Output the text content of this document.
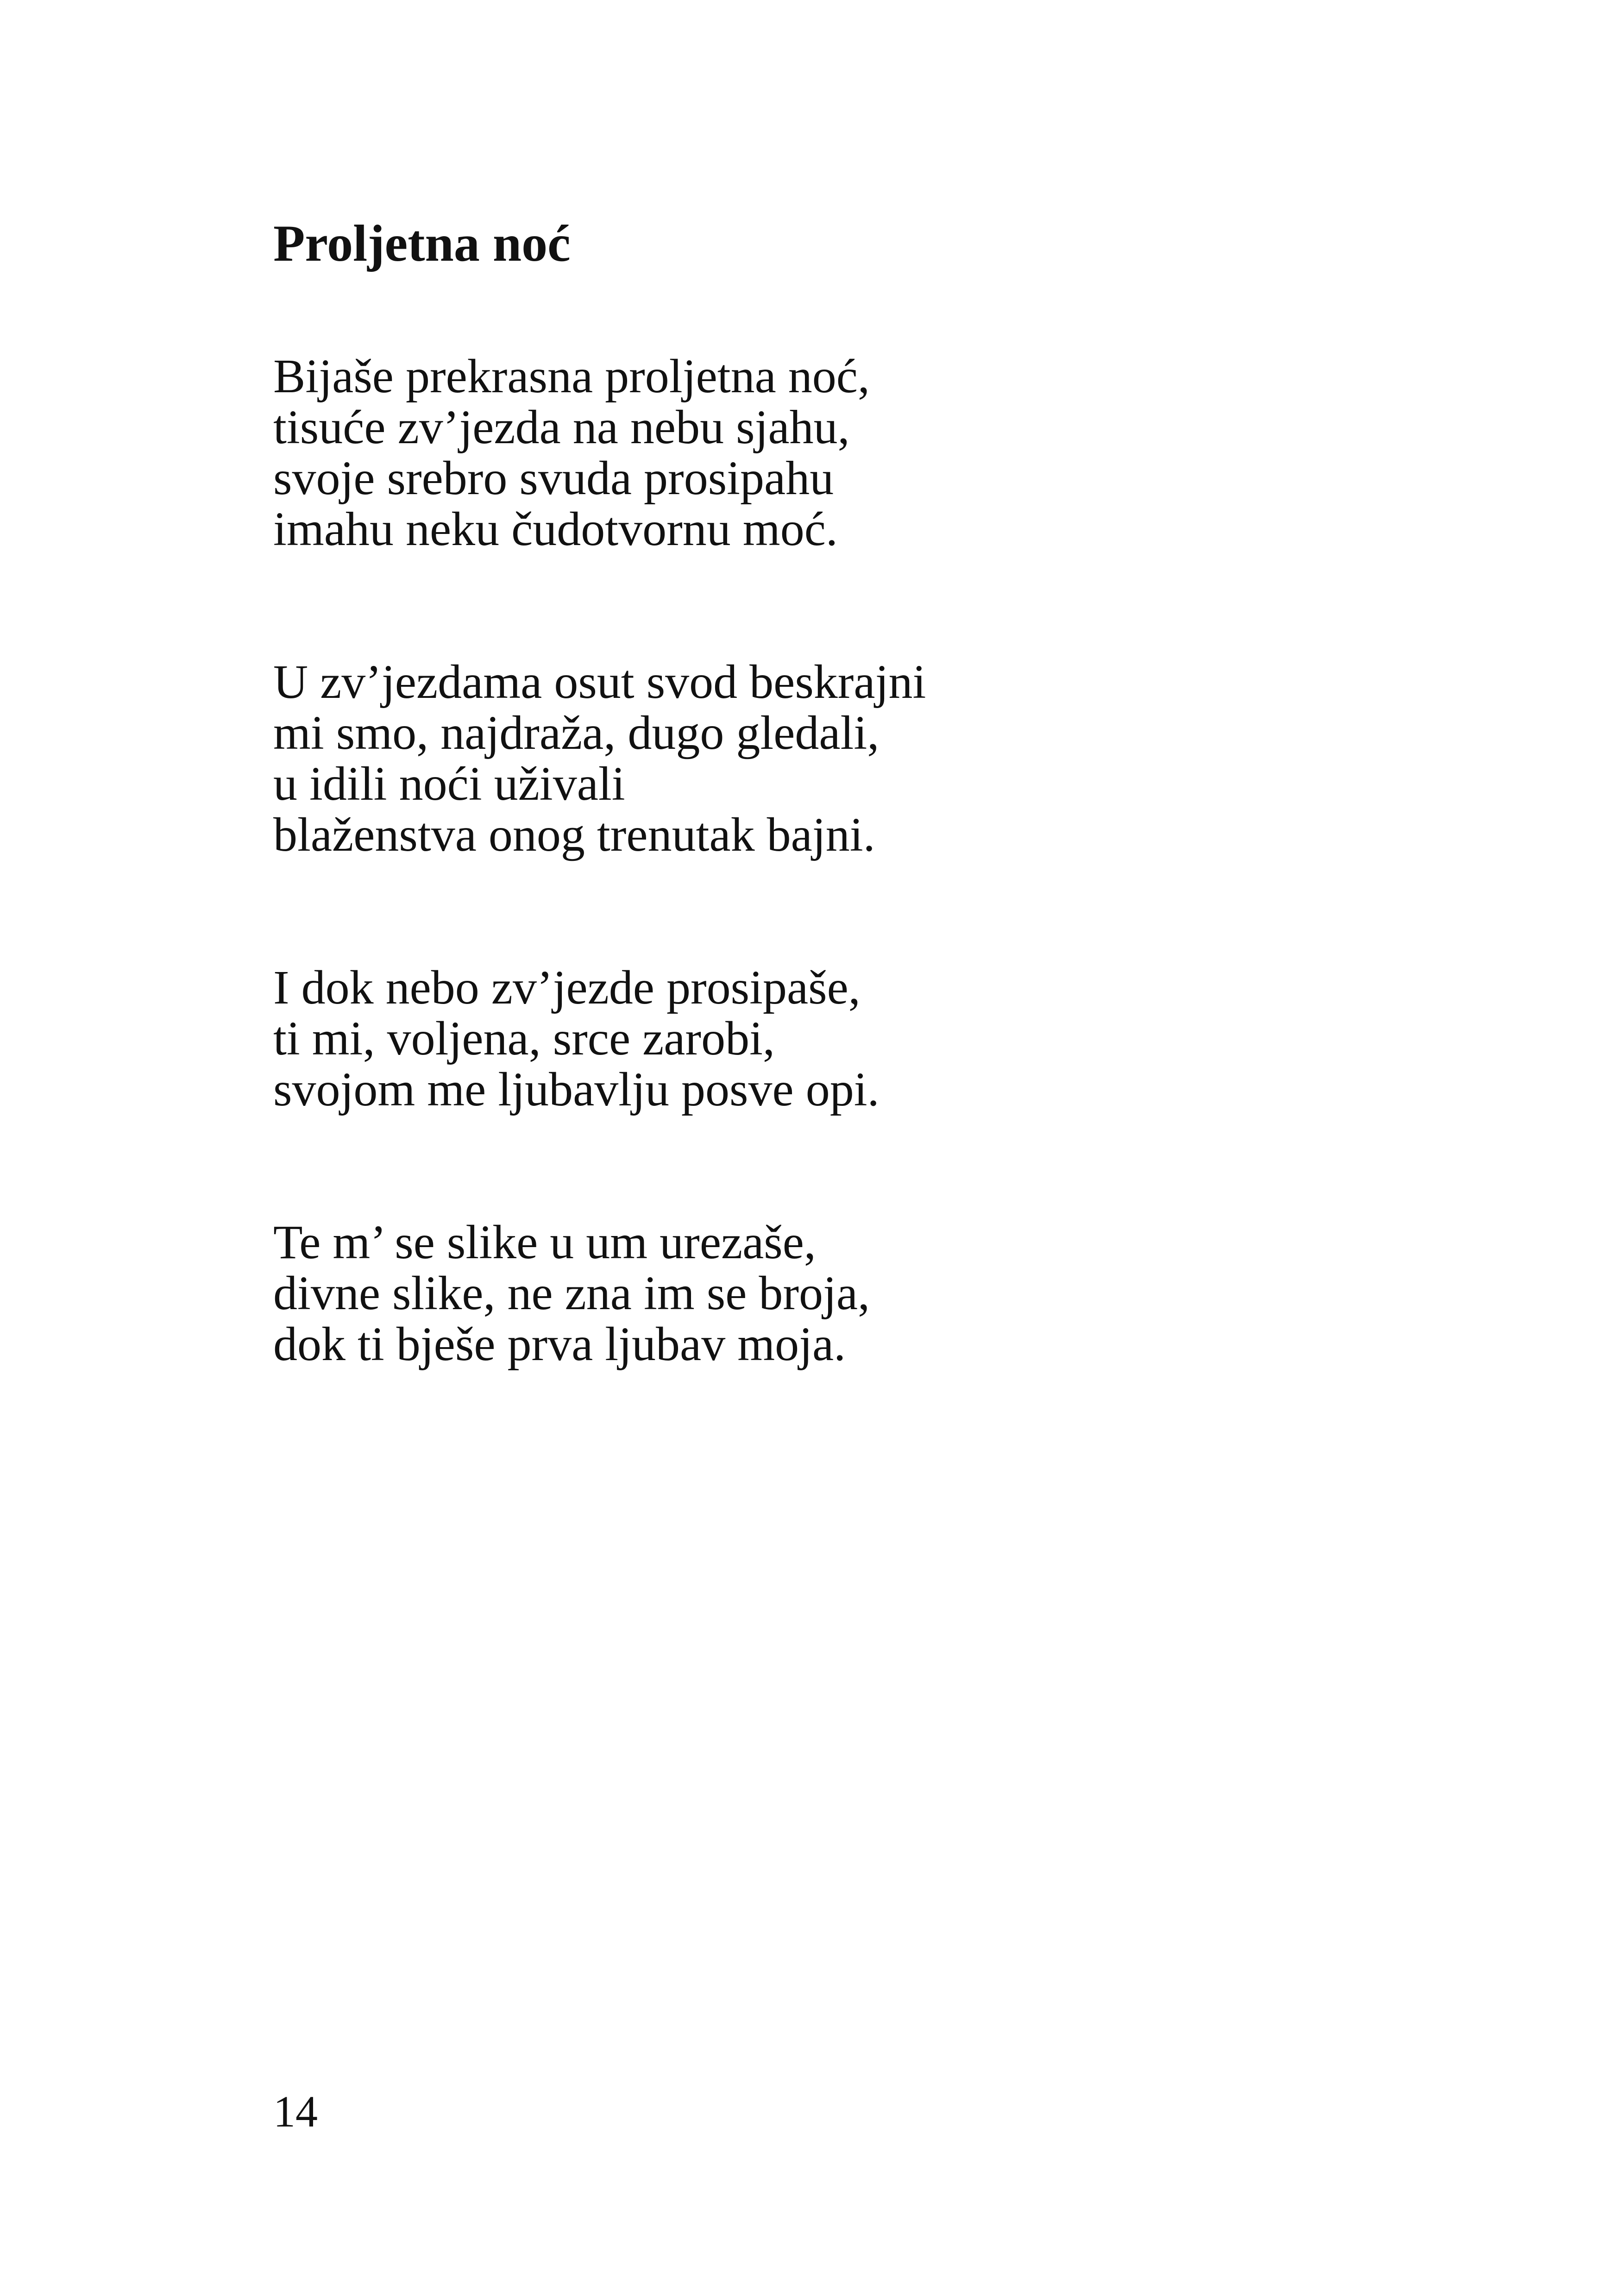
Proljetna noć
Bijaše prekrasna proljetna noć,
tisuće zv’jezda na nebu sjahu,
svoje srebro svuda prosipahu
imahu neku čudotvornu moć.
U zv’jezdama osut svod beskrajni
mi smo, najdraža, dugo gledali,
u idili noći uživali
blaženstva onog trenutak bajni.
I dok nebo zv’jezde prosipaše,
ti mi, voljena, srce zarobi,
svojom me ljubavlju posve opi.
Te m’ se slike u um urezaše,
divne slike, ne zna im se broja,
dok ti bješe prva ljubav moja.
14
